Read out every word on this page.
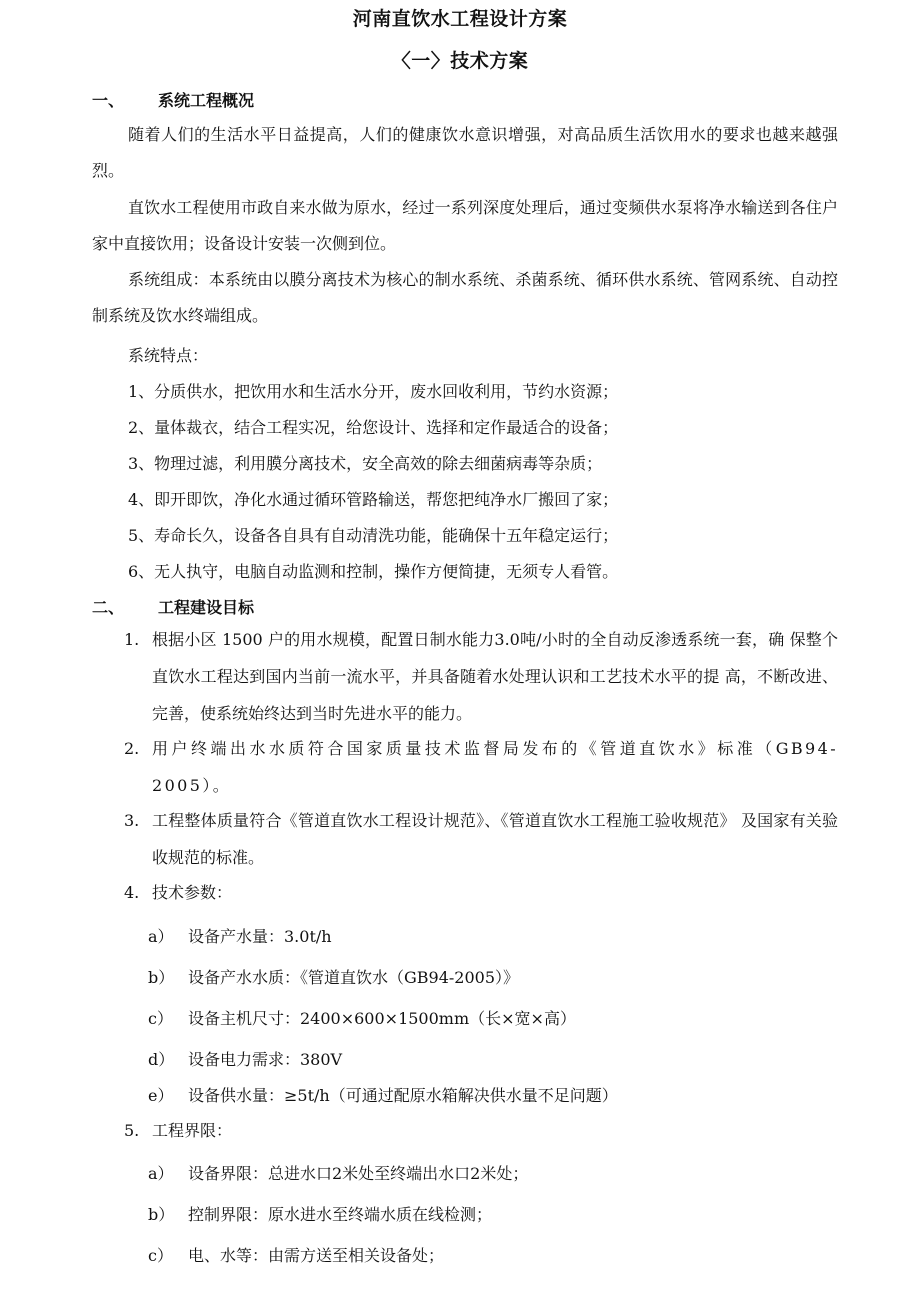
河南直饮水工程设计方案
〈一〉技术方案
一、 系统工程概况
随着人们的生活水平日益提高，人们的健康饮水意识增强，对高品质生活饮用水的要求也越来越强烈。
直饮水工程使用市政自来水做为原水，经过一系列深度处理后，通过变频供水泵将净水输送到各住户家中直接饮用；设备设计安装一次侧到位。
系统组成：本系统由以膜分离技术为核心的制水系统、杀菌系统、循环供水系统、管网系统、自动控制系统及饮水终端组成。
系统特点：
1、分质供水，把饮用水和生活水分开，废水回收利用，节约水资源；
2、量体裁衣，结合工程实况，给您设计、选择和定作最适合的设备；
3、物理过滤，利用膜分离技术，安全高效的除去细菌病毒等杂质；
4、即开即饮，净化水通过循环管路输送，帮您把纯净水厂搬回了家；
5、寿命长久，设备各自具有自动清洗功能，能确保十五年稳定运行；
6、无人执守，电脑自动监测和控制，操作方便简捷，无须专人看管。
二、 工程建设目标
1. 根据小区 1500 户的用水规模，配置日制水能力3.0吨/小时的全自动反渗透系统一套，确 保整个直饮水工程达到国内当前一流水平，并具备随着水处理认识和工艺技术水平的提 高，不断改进、完善，使系统始终达到当时先进水平的能力。
2. 用户终端出水水质符合国家质量技术监督局发布的《管道直饮水》标准（GB94-2005）。
3. 工程整体质量符合《管道直饮水工程设计规范》、《管道直饮水工程施工验收规范》 及国家有关验收规范的标准。
4. 技术参数：
a） 设备产水量：3.0t/h
b） 设备产水水质：《管道直饮水（GB94-2005）》
c） 设备主机尺寸：2400×600×1500mm（长×宽×高）
d） 设备电力需求：380V
e） 设备供水量：≥5t/h（可通过配原水箱解决供水量不足问题）
5. 工程界限：
a） 设备界限：总进水口2米处至终端出水口2米处；
b） 控制界限：原水进水至终端水质在线检测；
c） 电、水等：由需方送至相关设备处；
